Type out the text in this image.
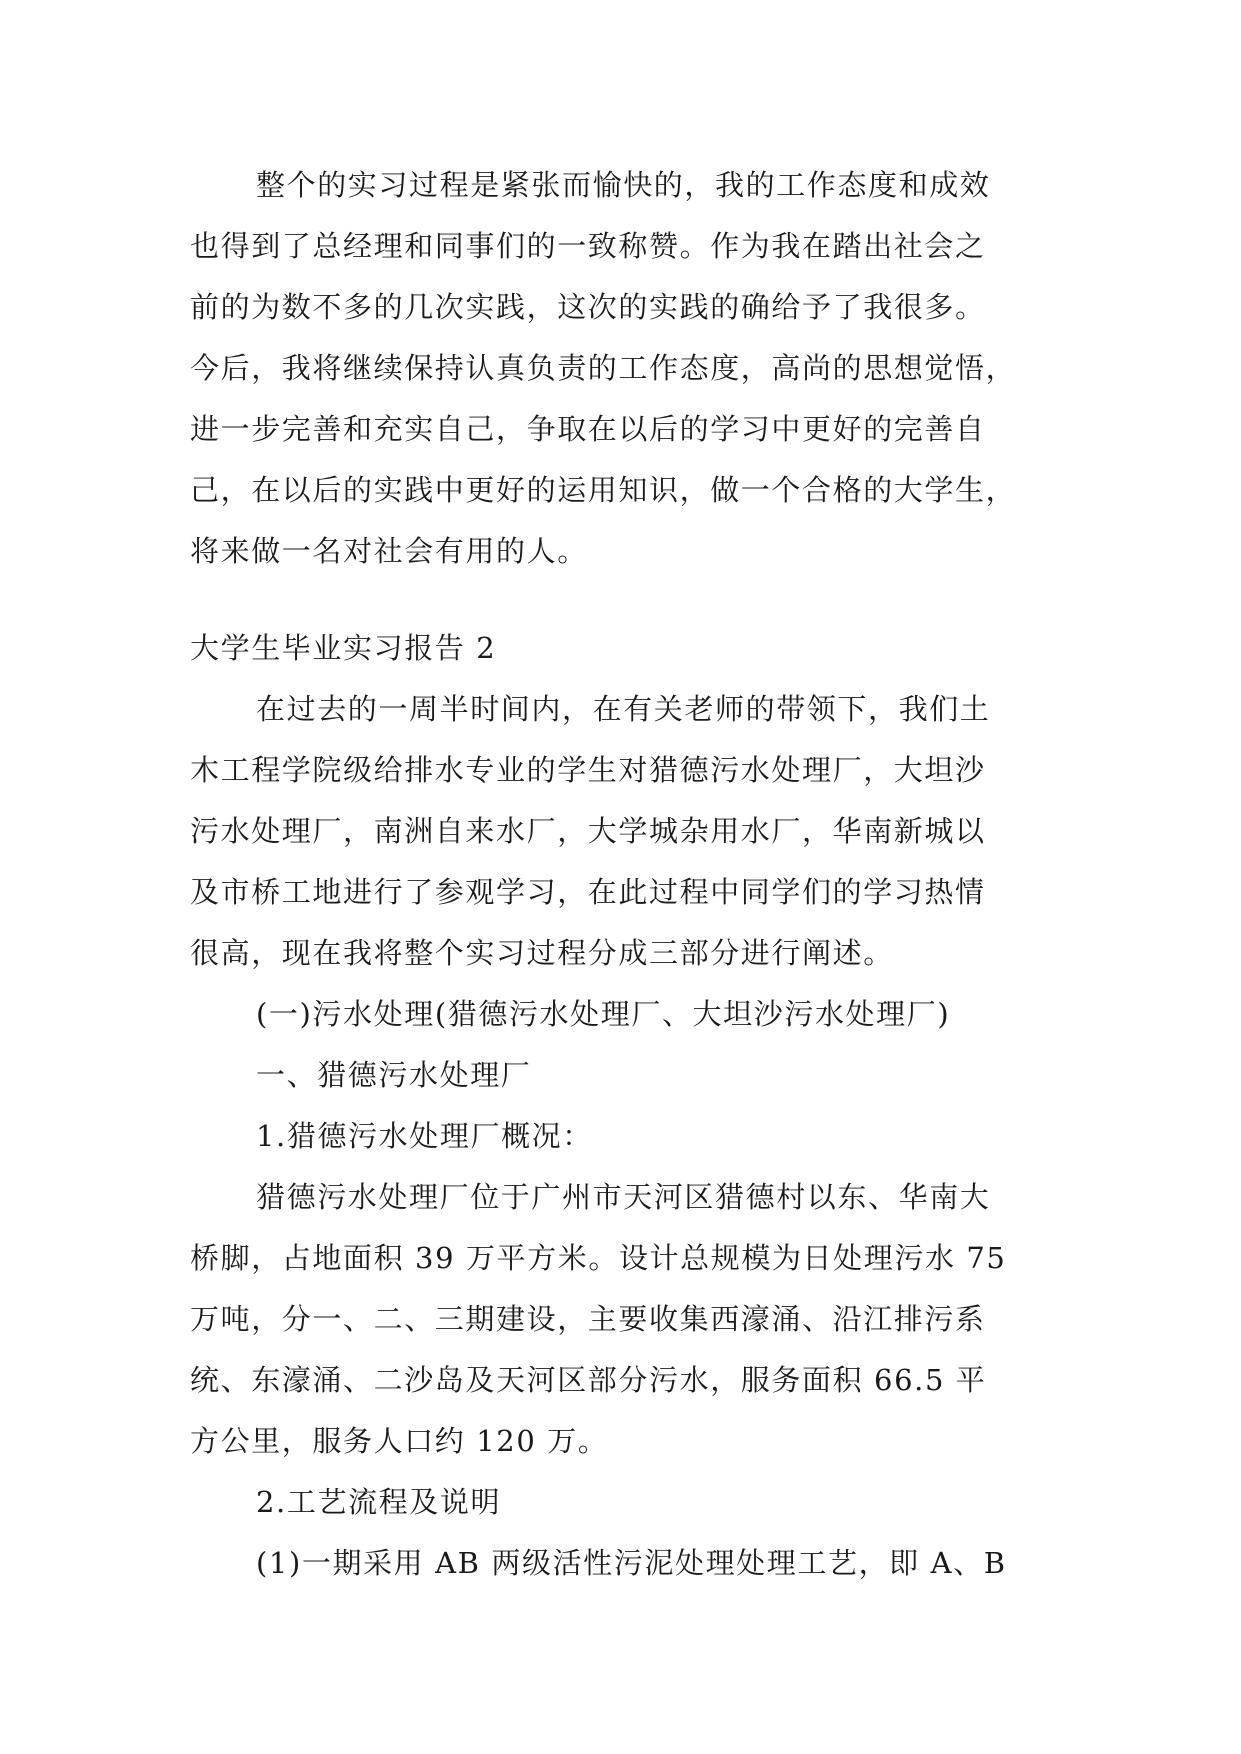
整个的实习过程是紧张而愉快的，我的工作态度和成效
也得到了总经理和同事们的一致称赞。作为我在踏出社会之
前的为数不多的几次实践，这次的实践的确给予了我很多。
今后，我将继续保持认真负责的工作态度，高尚的思想觉悟，
进一步完善和充实自己，争取在以后的学习中更好的完善自
己，在以后的实践中更好的运用知识，做一个合格的大学生，
将来做一名对社会有用的人。
大学生毕业实习报告 2
在过去的一周半时间内，在有关老师的带领下，我们土
木工程学院级给排水专业的学生对猎德污水处理厂，大坦沙
污水处理厂，南洲自来水厂，大学城杂用水厂，华南新城以
及市桥工地进行了参观学习，在此过程中同学们的学习热情
很高，现在我将整个实习过程分成三部分进行阐述。
(一)污水处理(猎德污水处理厂、大坦沙污水处理厂)
一、猎德污水处理厂
1.猎德污水处理厂概况：
猎德污水处理厂位于广州市天河区猎德村以东、华南大
桥脚，占地面积 39 万平方米。设计总规模为日处理污水 75
万吨，分一、二、三期建设，主要收集西濠涌、沿江排污系
统、东濠涌、二沙岛及天河区部分污水，服务面积 66.5 平
方公里，服务人口约 120 万。
2.工艺流程及说明
(1)一期采用 AB 两级活性污泥处理处理工艺，即 A、B
